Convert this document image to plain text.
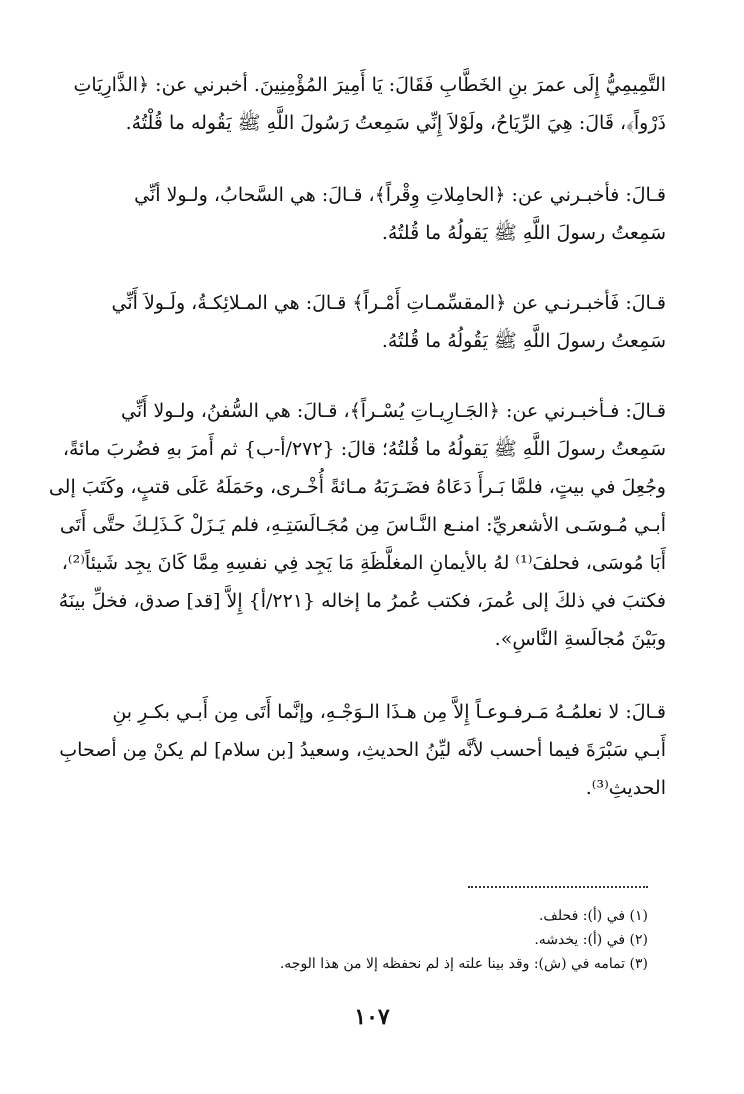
التَّمِيمِيُّ إِلَى عمرَ بنِ الخَطَّابِ فَقَالَ: يَا أَمِيرَ المُؤْمِنِينَ. أخبرني عن: ﴿الذَّارِيَاتِ
ذَرْواً﴾، قَالَ: هِيَ الرِّيَاحُ، ولَوْلاَ إِنِّي سَمِعتُ رَسُولَ اللَّهِ ﷺ يَقُوله ما قُلْتُهُ.
قـالَ: فأخبـرني عن: ﴿الحامِلاتِ وِقْراً﴾، قـالَ: هي السَّحابُ، ولـولا أنِّي
سَمِعتُ رسولَ اللَّهِ ﷺ يَقولُهُ ما قُلتُهُ.
قـالَ: فَأخبـرنـي عن ﴿المقسِّمـاتِ أَمْـراً﴾ قـالَ: هي المـلائِكـةُ، ولَـولاَ أَنِّي
سَمِعتُ رسولَ اللَّهِ ﷺ يَقُولُهُ ما قُلتُهُ.
قـالَ: فـأخبـرني عن: ﴿الجَـارِيـاتِ يُسْـراً﴾، قـالَ: هي السُّفنُ، ولـولا أَنِّي
سَمِعتُ رسولَ اللَّهِ ﷺ يَقولُهُ ما قُلتُهُ؛ قالَ: {٢٧٢/أ-ب} ثم أَمرَ بهِ فضُربَ مائةً،
وجُعِلَ في بيتٍ، فلمَّا بَـرأَ دَعَاهُ فضَـرَبَهُ مـائةً أُخْـرى، وحَمَلَهُ عَلَى قتبٍ، وكَتَبَ إلى
أبـي مُـوسَـى الأشعريِّ: امنـع النَّـاسَ مِن مُجَـالَسَتِـهِ، فلم يَـزَلْ كَـذَلِـكَ حتَّى أَتَى
أَبَا مُوسَى، فحلفَ⁽¹⁾ لهُ بالأيمانِ المغلَّظَةِ مَا يَجِد فِي نفسِهِ مِمَّا كَانَ يجِد شَيئاً⁽²⁾،
فكتبَ في ذلكَ إلى عُمرَ، فكتب عُمرُ ما إخاله {٢٢١/أ} إِلاَّ [قد] صدق، فخلِّ بينَهُ
وبَيْنَ مُجالَسةِ النَّاسِ».
قـالَ: لا نعلمُـهُ مَـرفـوعـاً إِلاَّ مِن هـذَا الـوَجْـهِ، وإنَّما أَتَى مِن أَبـي بكـرِ بنِ
أَبـي سَبْرَةَ فيما أحسب لأنَّه ليِّنُ الحديثِ، وسعيدُ [بن سلام] لم يكنْ مِن أصحابِ
الحديثِ⁽³⁾.
(١) في (أ): فحلف.
(٢) في (أ): يخدشه.
(٣) تمامه في (ش): وقد بينا علته إذ لم نحفظه إلا من هذا الوجه.
١٠٧
